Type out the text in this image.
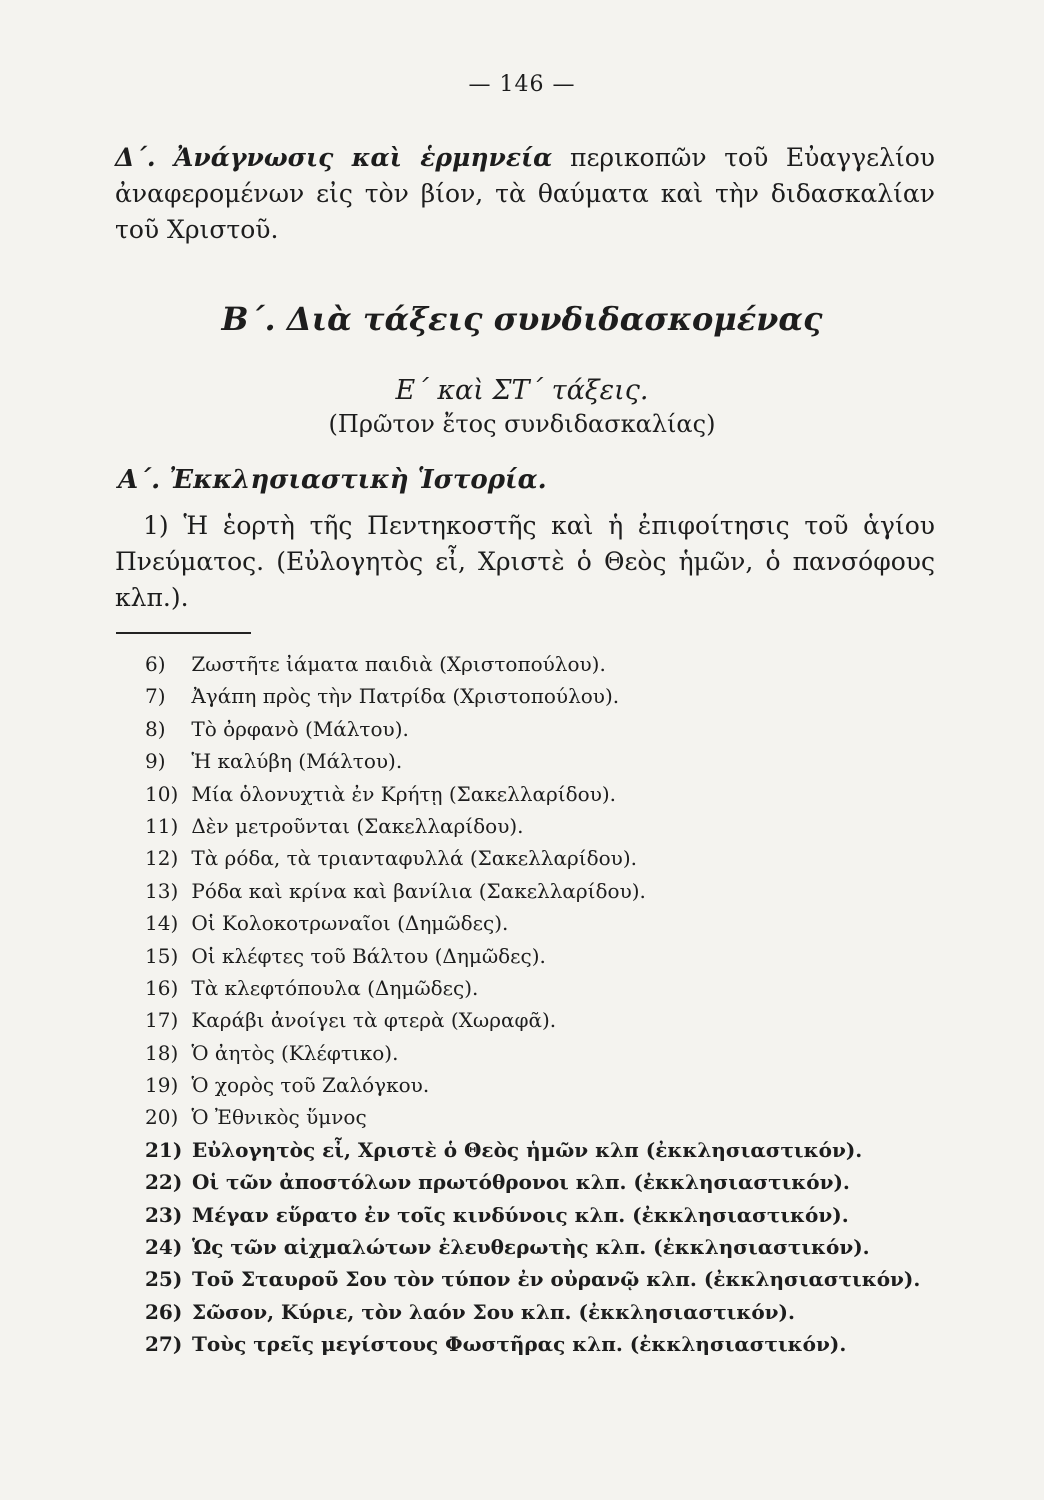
— 146 —
Δ΄. Ἀνάγνωσις καὶ ἑρμηνεία περικοπῶν τοῦ Εὐαγγελίου ἀναφερομένων εἰς τὸν βίον, τὰ θαύματα καὶ τὴν διδασκαλίαν τοῦ Χριστοῦ.
Β΄. Διὰ τάξεις συνδιδασκομένας
Ε΄ καὶ ΣΤ΄ τάξεις.
(Πρῶτον ἔτος συνδιδασκαλίας)
Α΄. Ἐκκλησιαστικὴ Ἱστορία.
1) Ἡ ἑορτὴ τῆς Πεντηκοστῆς καὶ ἡ ἐπιφοίτησις τοῦ ἁγίου Πνεύματος. (Εὐλογητὸς εἶ, Χριστὲ ὁ Θεὸς ἡμῶν, ὁ πανσόφους κλπ.).
6) Ζωστῆτε ἰάματα παιδιὰ (Χριστοπούλου).
7) Ἀγάπη πρὸς τὴν Πατρίδα (Χριστοπούλου).
8) Τὸ ὀρφανὸ (Μάλτου).
9) Ἡ καλύβη (Μάλτου).
10) Μία ὁλονυχτιὰ ἐν Κρήτῃ (Σακελλαρίδου).
11) Δὲν μετροῦνται (Σακελλαρίδου).
12) Τὰ ρόδα, τὰ τριανταφυλλά (Σακελλαρίδου).
13) Ρόδα καὶ κρίνα καὶ βανίλια (Σακελλαρίδου).
14) Οἱ Κολοκοτρωναῖοι (Δημῶδες).
15) Οἱ κλέφτες τοῦ Βάλτου (Δημῶδες).
16) Τὰ κλεφτόπουλα (Δημῶδες).
17) Καράβι ἀνοίγει τὰ φτερὰ (Χωραφᾶ).
18) Ὁ ἀητὸς (Κλέφτικο).
19) Ὁ χορὸς τοῦ Ζαλόγκου.
20) Ὁ Ἐθνικὸς ὕμνος
21) Εὐλογητὸς εἶ, Χριστὲ ὁ Θεὸς ἡμῶν κλπ (ἐκκλησιαστικόν).
22) Οἱ τῶν ἀποστόλων πρωτόθρονοι κλπ. (ἐκκλησιαστικόν).
23) Μέγαν εὕρατο ἐν τοῖς κινδύνοις κλπ. (ἐκκλησιαστικόν).
24) Ὡς τῶν αἰχμαλώτων ἐλευθερωτὴς κλπ. (ἐκκλησιαστικόν).
25) Τοῦ Σταυροῦ Σου τὸν τύπον ἐν οὐρανῷ κλπ. (ἐκκλησιαστικόν).
26) Σῶσον, Κύριε, τὸν λαόν Σου κλπ. (ἐκκλησιαστικόν).
27) Τοὺς τρεῖς μεγίστους Φωστῆρας κλπ. (ἐκκλησιαστικόν).
